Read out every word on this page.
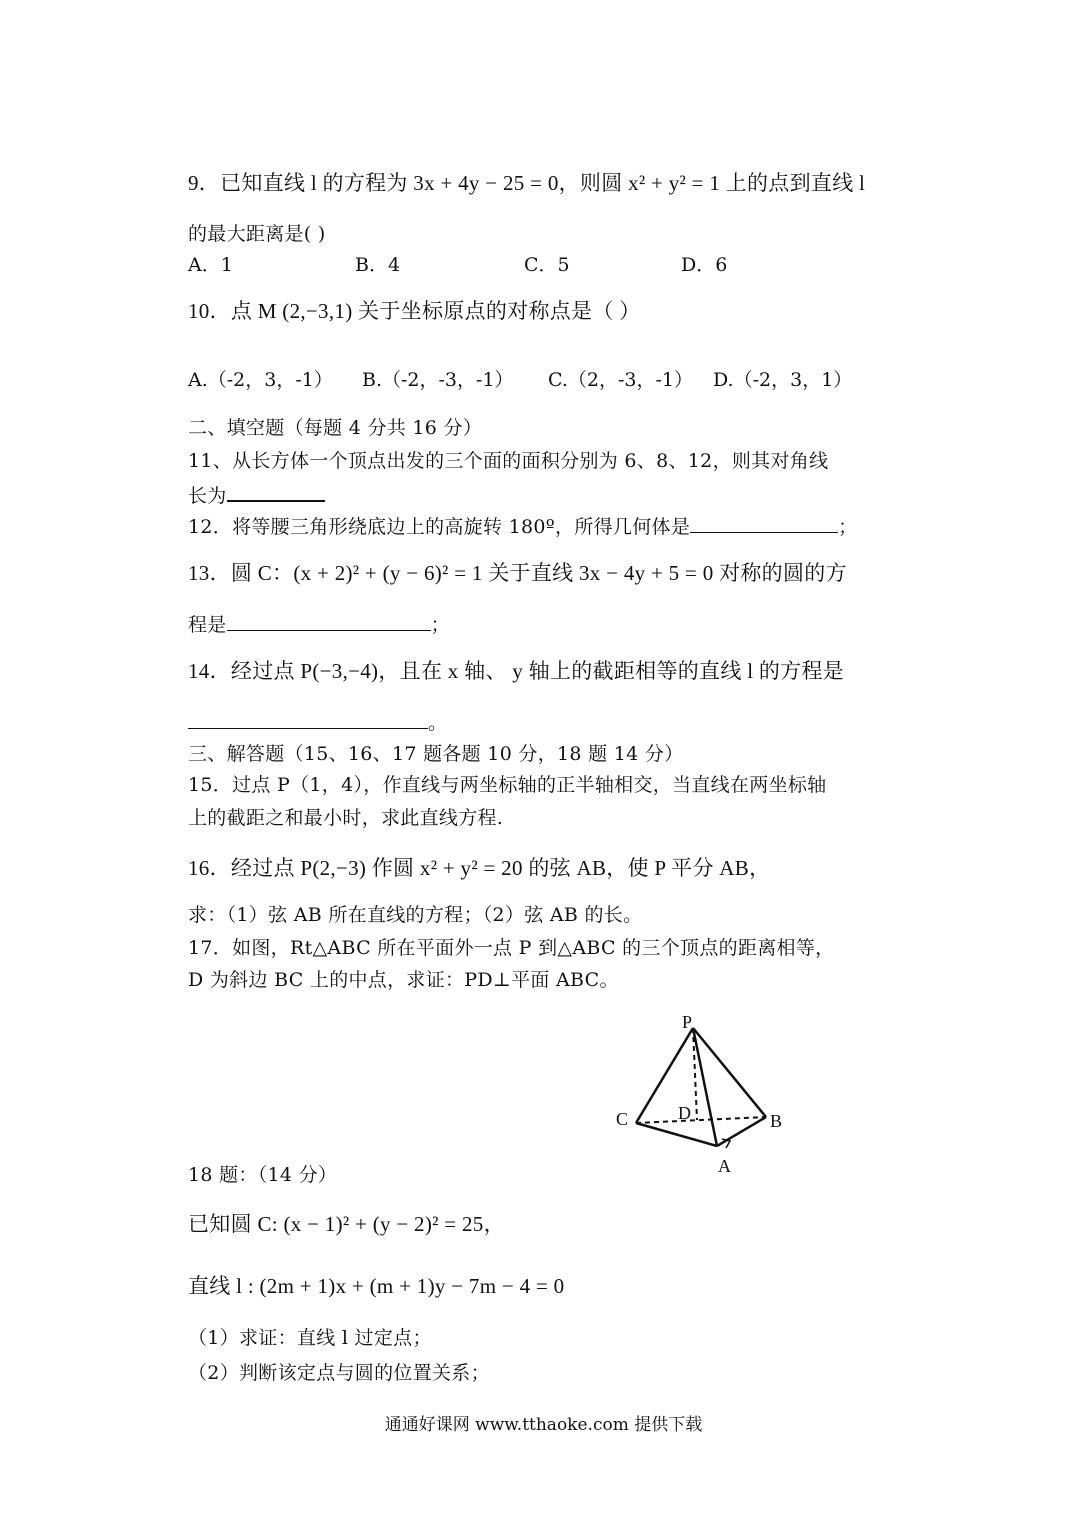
9．已知直线 l 的方程为 3x + 4y − 25 = 0，则圆 x² + y² = 1 上的点到直线 l
的最大距离是( )
A．1	B．4	C．5	D．6
10．点 M (2,−3,1) 关于坐标原点的对称点是（ ）
A.（-2，3，-1） B.（-2，-3，-1） C.（2，-3，-1） D.（-2，3，1）
二、填空题（每题 4 分共 16 分）
11、从长方体一个顶点出发的三个面的面积分别为 6、8、12，则其对角线
长为
12．将等腰三角形绕底边上的高旋转 180º，所得几何体是	；
13．圆 C：(x + 2)² + (y − 6)² = 1 关于直线 3x − 4y + 5 = 0 对称的圆的方
程是	；
14．经过点 P(−3,−4)，且在 x 轴、 y 轴上的截距相等的直线 l 的方程是
。
三、解答题（15、16、17 题各题 10 分，18 题 14 分）
15．过点 P（1，4），作直线与两坐标轴的正半轴相交，当直线在两坐标轴
上的截距之和最小时，求此直线方程.
16．经过点 P(2,−3) 作圆 x² + y² = 20 的弦 AB，使 P 平分 AB，
求：（1）弦 AB 所在直线的方程；（2）弦 AB 的长。
17．如图，Rt△ABC 所在平面外一点 P 到△ABC 的三个顶点的距离相等，
D 为斜边 BC 上的中点，求证：PD⊥平面 ABC。
P
C	D	B
A
18 题：（14 分）
已知圆 C: (x − 1)² + (y − 2)² = 25，
直线 l : (2m + 1)x + (m + 1)y − 7m − 4 = 0
（1）求证：直线 l 过定点；
（2）判断该定点与圆的位置关系；
通通好课网 www.tthaoke.com 提供下载
